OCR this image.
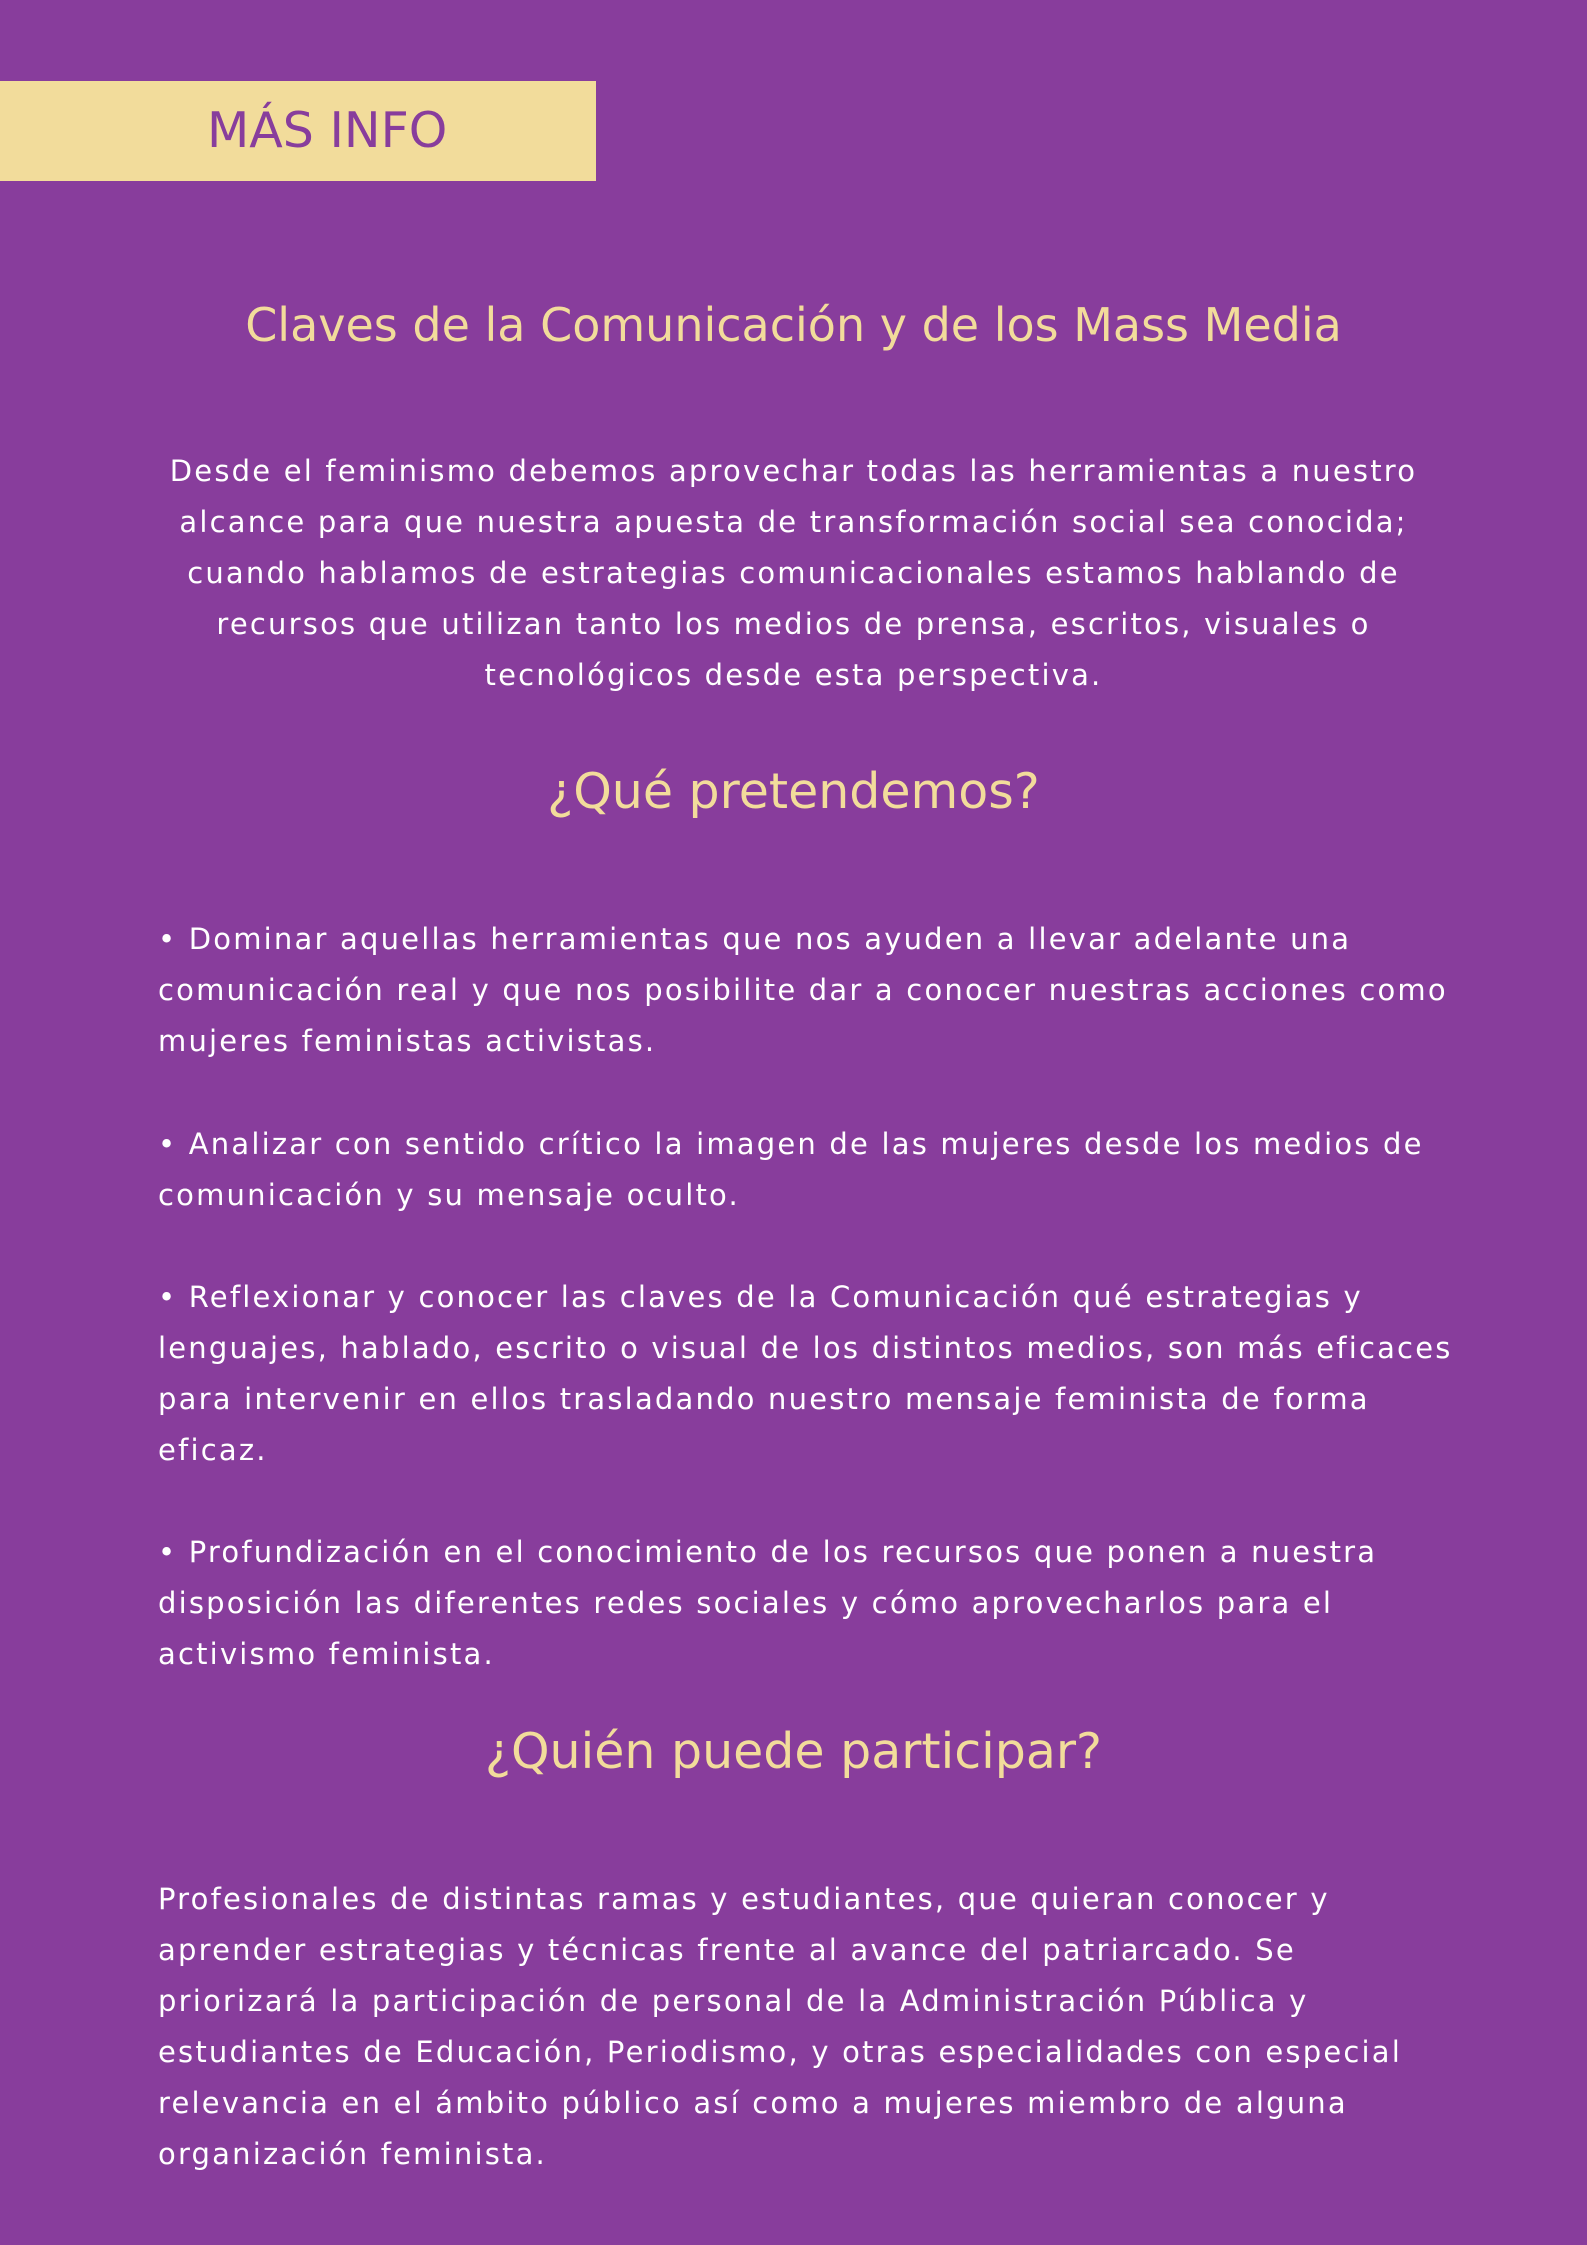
MÁS INFO
Claves de la Comunicación y de los Mass Media

Desde el feminismo debemos aprovechar todas las herramientas a nuestro
alcance para que nuestra apuesta de transformación social sea conocida;
cuando hablamos de estrategias comunicacionales estamos hablando de
recursos que utilizan tanto los medios de prensa, escritos, visuales o
tecnológicos desde esta perspectiva.

¿Qué pretendemos?

• Dominar aquellas herramientas que nos ayuden a llevar adelante una
comunicación real y que nos posibilite dar a conocer nuestras acciones como
mujeres feministas activistas.

• Analizar con sentido crítico la imagen de las mujeres desde los medios de
comunicación y su mensaje oculto.

• Reflexionar y conocer las claves de la Comunicación qué estrategias y
lenguajes, hablado, escrito o visual de los distintos medios, son más eficaces
para intervenir en ellos trasladando nuestro mensaje feminista de forma
eficaz.

• Profundización en el conocimiento de los recursos que ponen a nuestra
disposición las diferentes redes sociales y cómo aprovecharlos para el
activismo feminista.

¿Quién puede participar?

Profesionales de distintas ramas y estudiantes, que quieran conocer y
aprender estrategias y técnicas frente al avance del patriarcado. Se
priorizará la participación de personal de la Administración Pública y
estudiantes de Educación, Periodismo, y otras especialidades con especial
relevancia en el ámbito público así como a mujeres miembro de alguna
organización feminista.
